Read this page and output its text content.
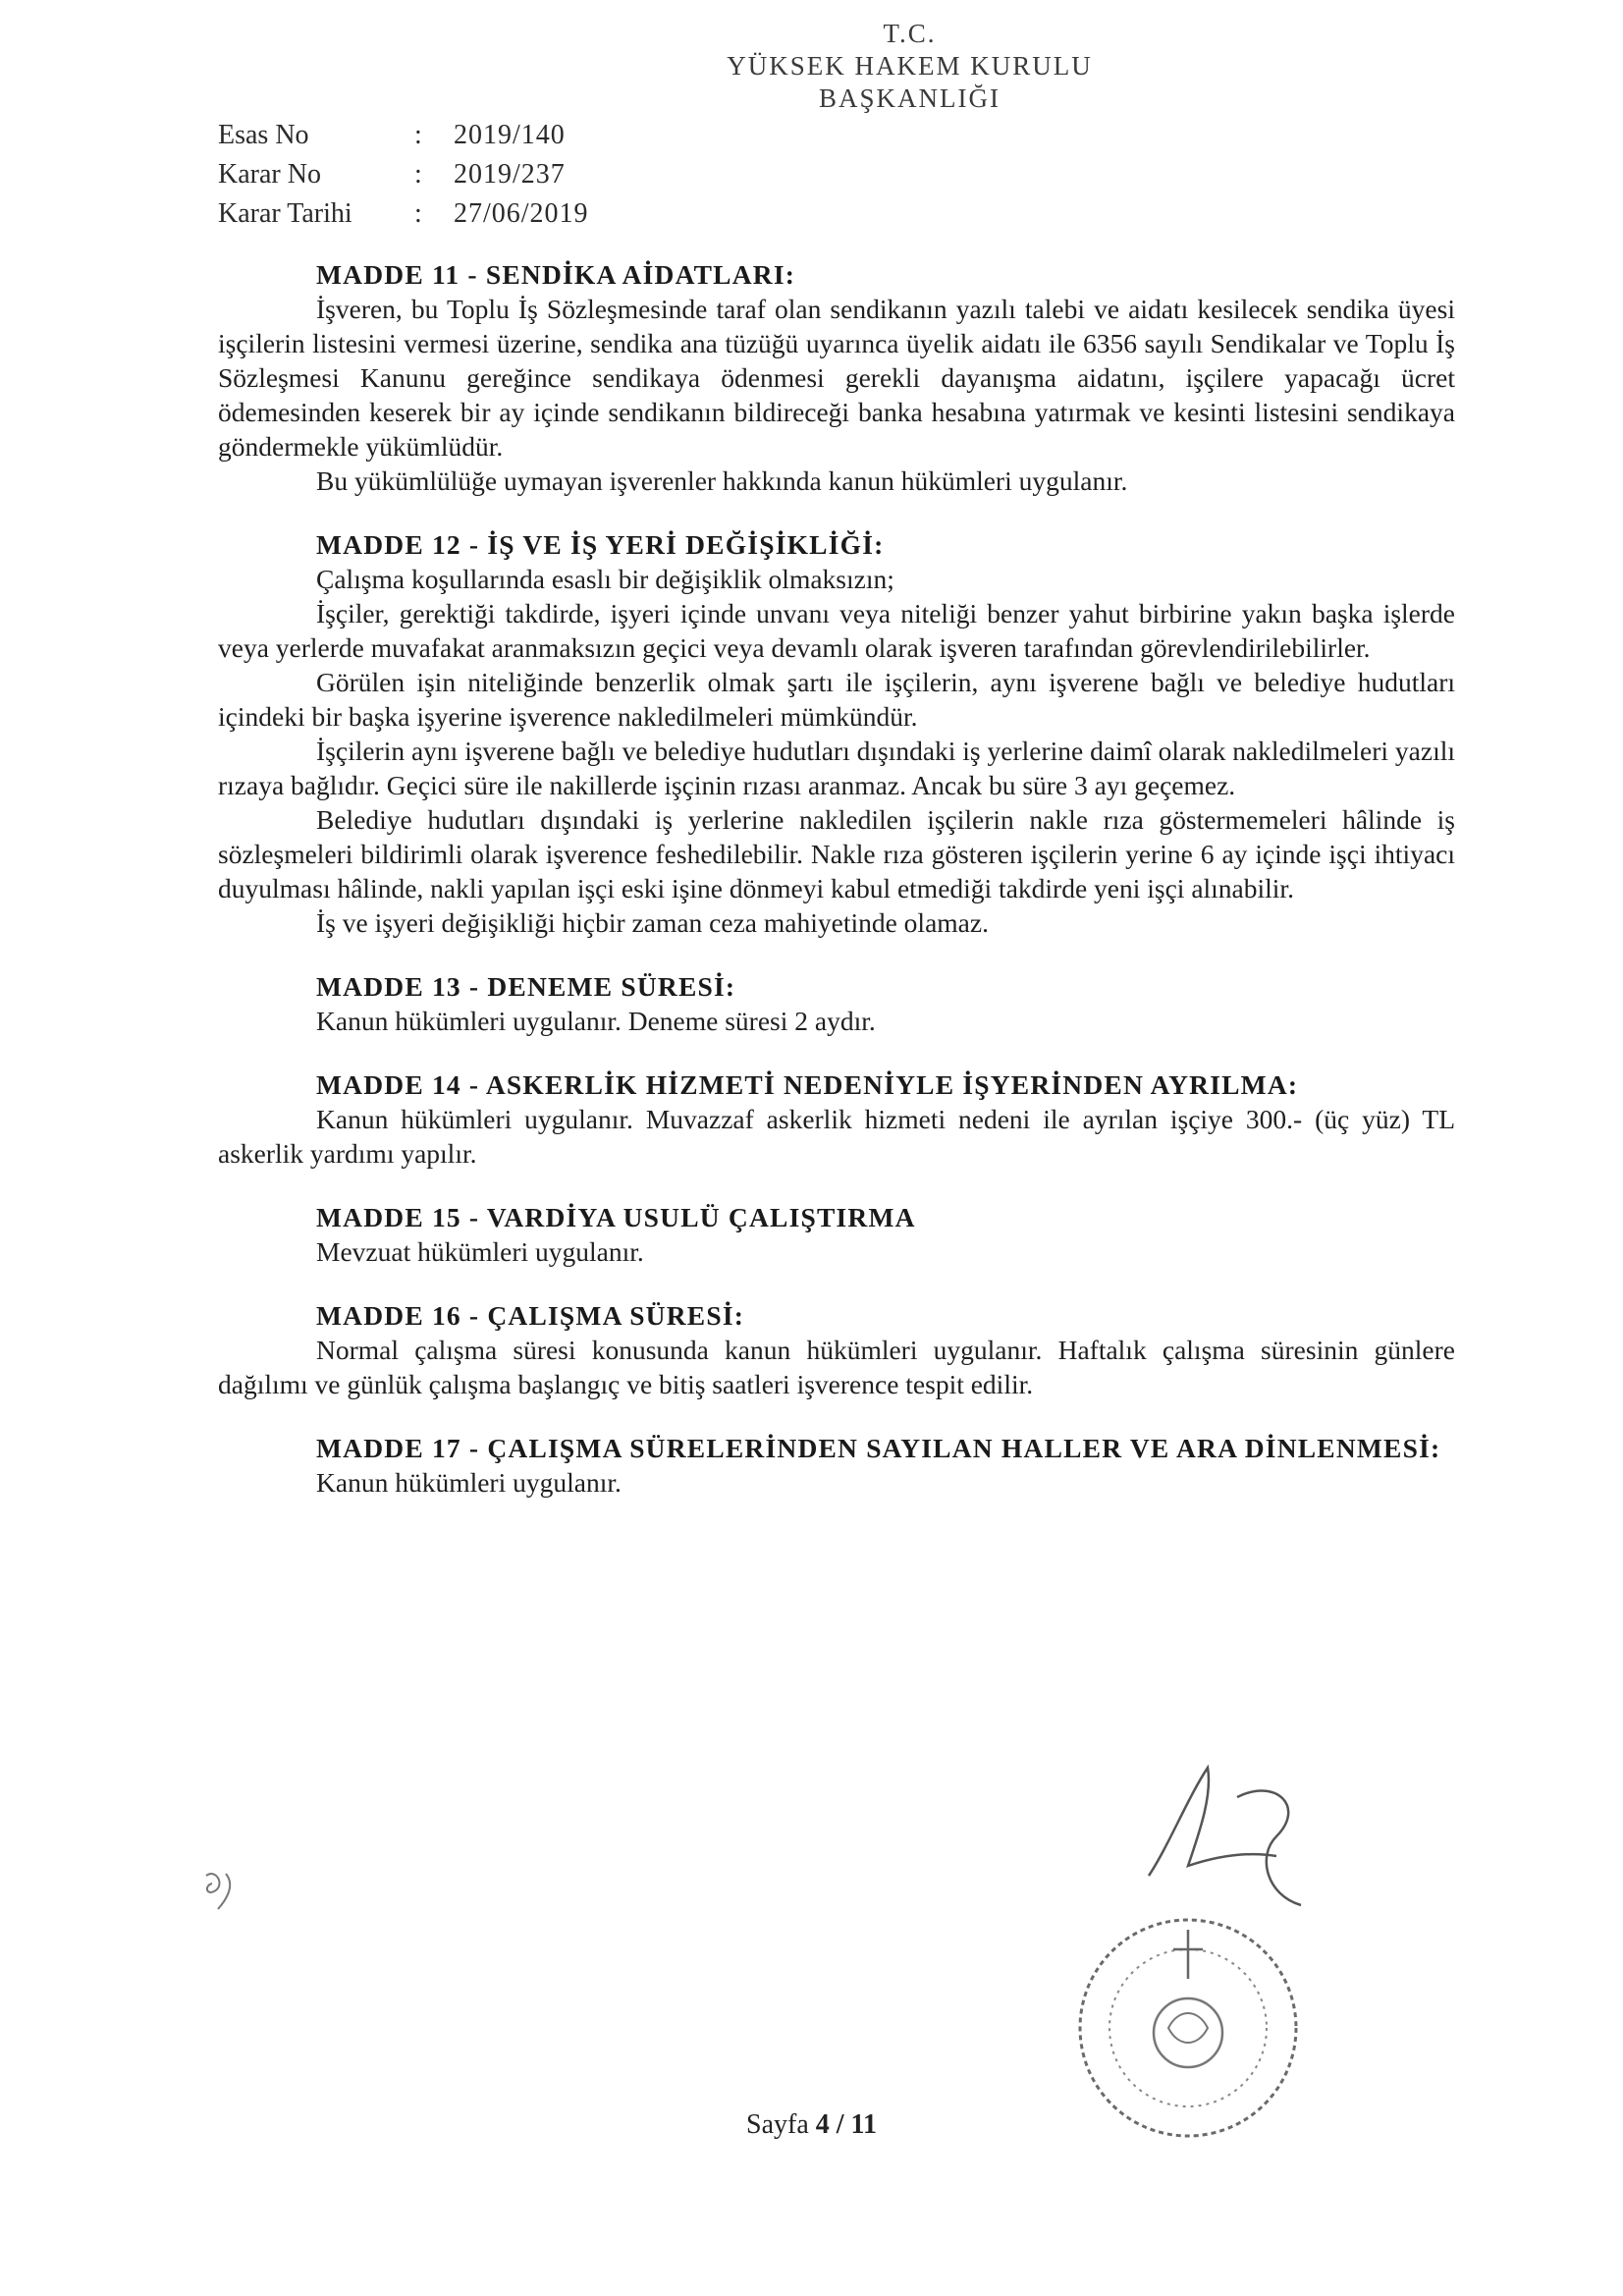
T.C.
YÜKSEK HAKEM KURULU
BAŞKANLIĞI
Esas No	:	2019/140
Karar No	:	2019/237
Karar Tarihi	:	27/06/2019
MADDE 11 - SENDİKA AİDATLARI:

İşveren, bu Toplu İş Sözleşmesinde taraf olan sendikanın yazılı talebi ve aidatı kesilecek sendika üyesi işçilerin listesini vermesi üzerine, sendika ana tüzüğü uyarınca üyelik aidatı ile 6356 sayılı Sendikalar ve Toplu İş Sözleşmesi Kanunu gereğince sendikaya ödenmesi gerekli dayanışma aidatını, işçilere yapacağı ücret ödemesinden keserek bir ay içinde sendikanın bildireceği banka hesabına yatırmak ve kesinti listesini sendikaya göndermekle yükümlüdür.

Bu yükümlülüğe uymayan işverenler hakkında kanun hükümleri uygulanır.

MADDE 12 - İŞ VE İŞ YERİ DEĞİŞİKLİĞİ:

Çalışma koşullarında esaslı bir değişiklik olmaksızın;

İşçiler, gerektiği takdirde, işyeri içinde unvanı veya niteliği benzer yahut birbirine yakın başka işlerde veya yerlerde muvafakat aranmaksızın geçici veya devamlı olarak işveren tarafından görevlendirilebilirler.

Görülen işin niteliğinde benzerlik olmak şartı ile işçilerin, aynı işverene bağlı ve belediye hudutları içindeki bir başka işyerine işverence nakledilmeleri mümkündür.

İşçilerin aynı işverene bağlı ve belediye hudutları dışındaki iş yerlerine daimî olarak nakledilmeleri yazılı rızaya bağlıdır. Geçici süre ile nakillerde işçinin rızası aranmaz. Ancak bu süre 3 ayı geçemez.

Belediye hudutları dışındaki iş yerlerine nakledilen işçilerin nakle rıza göstermemeleri hâlinde iş sözleşmeleri bildirimli olarak işverence feshedilebilir. Nakle rıza gösteren işçilerin yerine 6 ay içinde işçi ihtiyacı duyulması hâlinde, nakli yapılan işçi eski işine dönmeyi kabul etmediği takdirde yeni işçi alınabilir.

İş ve işyeri değişikliği hiçbir zaman ceza mahiyetinde olamaz.

MADDE 13 - DENEME SÜRESİ:

Kanun hükümleri uygulanır. Deneme süresi 2 aydır.

MADDE 14 - ASKERLİK HİZMETİ NEDENİYLE İŞYERİNDEN AYRILMA:

Kanun hükümleri uygulanır. Muvazzaf askerlik hizmeti nedeni ile ayrılan işçiye 300.- (üç yüz) TL askerlik yardımı yapılır.

MADDE 15 - VARDİYA USULÜ ÇALIŞTIRMA

Mevzuat hükümleri uygulanır.

MADDE 16 - ÇALIŞMA SÜRESİ:

Normal çalışma süresi konusunda kanun hükümleri uygulanır. Haftalık çalışma süresinin günlere dağılımı ve günlük çalışma başlangıç ve bitiş saatleri işverence tespit edilir.

MADDE 17 - ÇALIŞMA SÜRELERİNDEN SAYILAN HALLER VE ARA DİNLENMESİ:

Kanun hükümleri uygulanır.

Sayfa 4 / 11
